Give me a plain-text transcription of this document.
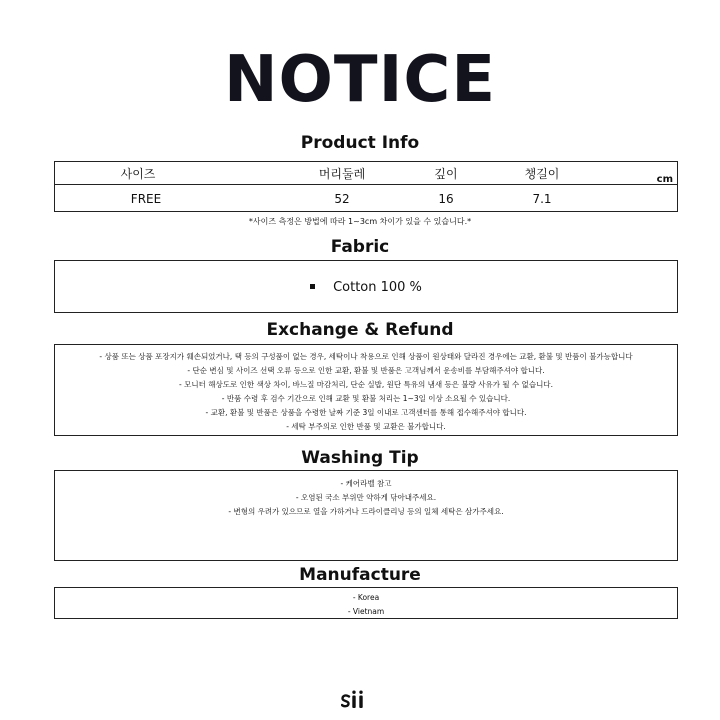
NOTICE
Product Info
사이즈	머리둘레	깊이	챙길이	cm
FREE	52	16	7.1
*사이즈 측정은 방법에 따라 1~3cm 차이가 있을 수 있습니다.*
Fabric
Cotton 100 %
Exchange & Refund
- 상품 또는 상품 포장지가 훼손되었거나, 택 등의 구성품이 없는 경우, 세탁이나 착용으로 인해 상품이 원상태와 달라진 경우에는 교환, 환불 및 반품이 불가능합니다
- 단순 변심 및 사이즈 선택 오류 등으로 인한 교환, 환불 및 반품은 고객님께서 운송비를 부담해주셔야 합니다.
- 모니터 해상도로 인한 색상 차이, 바느질 마감처리, 단순 실밥, 원단 특유의 냄새 등은 불량 사유가 될 수 없습니다.
- 반품 수령 후 검수 기간으로 인해 교환 및 환불 처리는 1~3일 이상 소요될 수 있습니다.
- 교환, 환불 및 반품은 상품을 수령한 날짜 기준 3일 이내로 고객센터를 통해 접수해주셔야 합니다.
- 세탁 부주의로 인한 반품 및 교환은 불가합니다.
Washing Tip
- 케어라벨 참고
- 오염된 국소 부위만 약하게 닦아내주세요.
- 변형의 우려가 있으므로 열을 가하거나 드라이클리닝 등의 일체 세탁은 삼가주세요.
Manufacture
- Korea
- Vietnam
